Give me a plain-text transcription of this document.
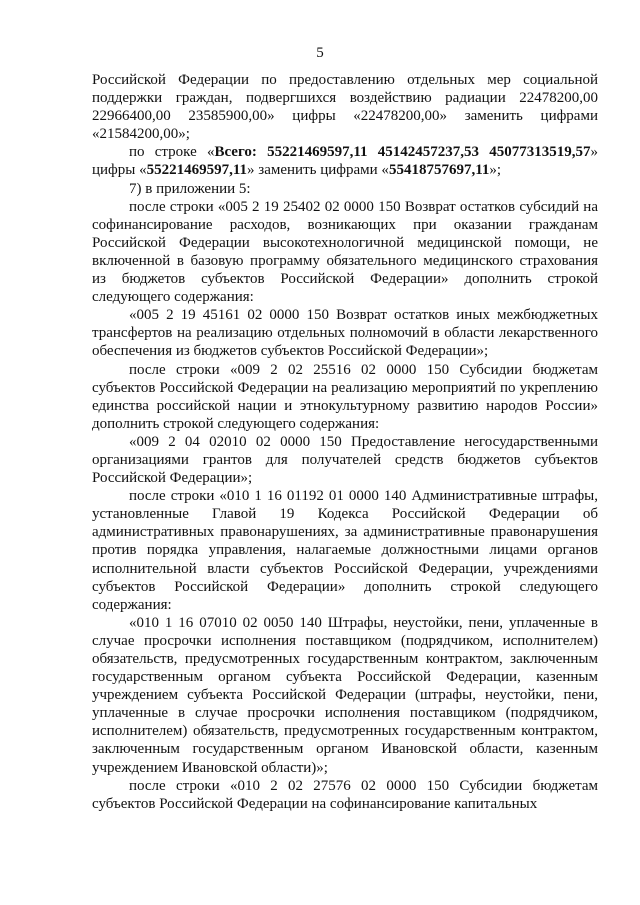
5

Российской Федерации по предоставлению отдельных мер социальной поддержки граждан, подвергшихся воздействию радиации 22478200,00 22966400,00 23585900,00» цифры «22478200,00» заменить цифрами «21584200,00»;

по строке «Всего: 55221469597,11 45142457237,53 45077313519,57» цифры «55221469597,11» заменить цифрами «55418757697,11»;

7) в приложении 5:

после строки «005 2 19 25402 02 0000 150 Возврат остатков субсидий на софинансирование расходов, возникающих при оказании гражданам Российской Федерации высокотехнологичной медицинской помощи, не включенной в базовую программу обязательного медицинского страхования из бюджетов субъектов Российской Федерации» дополнить строкой следующего содержания:

«005 2 19 45161 02 0000 150 Возврат остатков иных межбюджетных трансфертов на реализацию отдельных полномочий в области лекарственного обеспечения из бюджетов субъектов Российской Федерации»;

после строки «009 2 02 25516 02 0000 150 Субсидии бюджетам субъектов Российской Федерации на реализацию мероприятий по укреплению единства российской нации и этнокультурному развитию народов России» дополнить строкой следующего содержания:

«009 2 04 02010 02 0000 150 Предоставление негосударственными организациями грантов для получателей средств бюджетов субъектов Российской Федерации»;

после строки «010 1 16 01192 01 0000 140 Административные штрафы, установленные Главой 19 Кодекса Российской Федерации об административных правонарушениях, за административные правонарушения против порядка управления, налагаемые должностными лицами органов исполнительной власти субъектов Российской Федерации, учреждениями субъектов Российской Федерации» дополнить строкой следующего содержания:

«010 1 16 07010 02 0050 140 Штрафы, неустойки, пени, уплаченные в случае просрочки исполнения поставщиком (подрядчиком, исполнителем) обязательств, предусмотренных государственным контрактом, заключенным государственным органом субъекта Российской Федерации, казенным учреждением субъекта Российской Федерации (штрафы, неустойки, пени, уплаченные в случае просрочки исполнения поставщиком (подрядчиком, исполнителем) обязательств, предусмотренных государственным контрактом, заключенным государственным органом Ивановской области, казенным учреждением Ивановской области)»;

после строки «010 2 02 27576 02 0000 150 Субсидии бюджетам субъектов Российской Федерации на софинансирование капитальных
